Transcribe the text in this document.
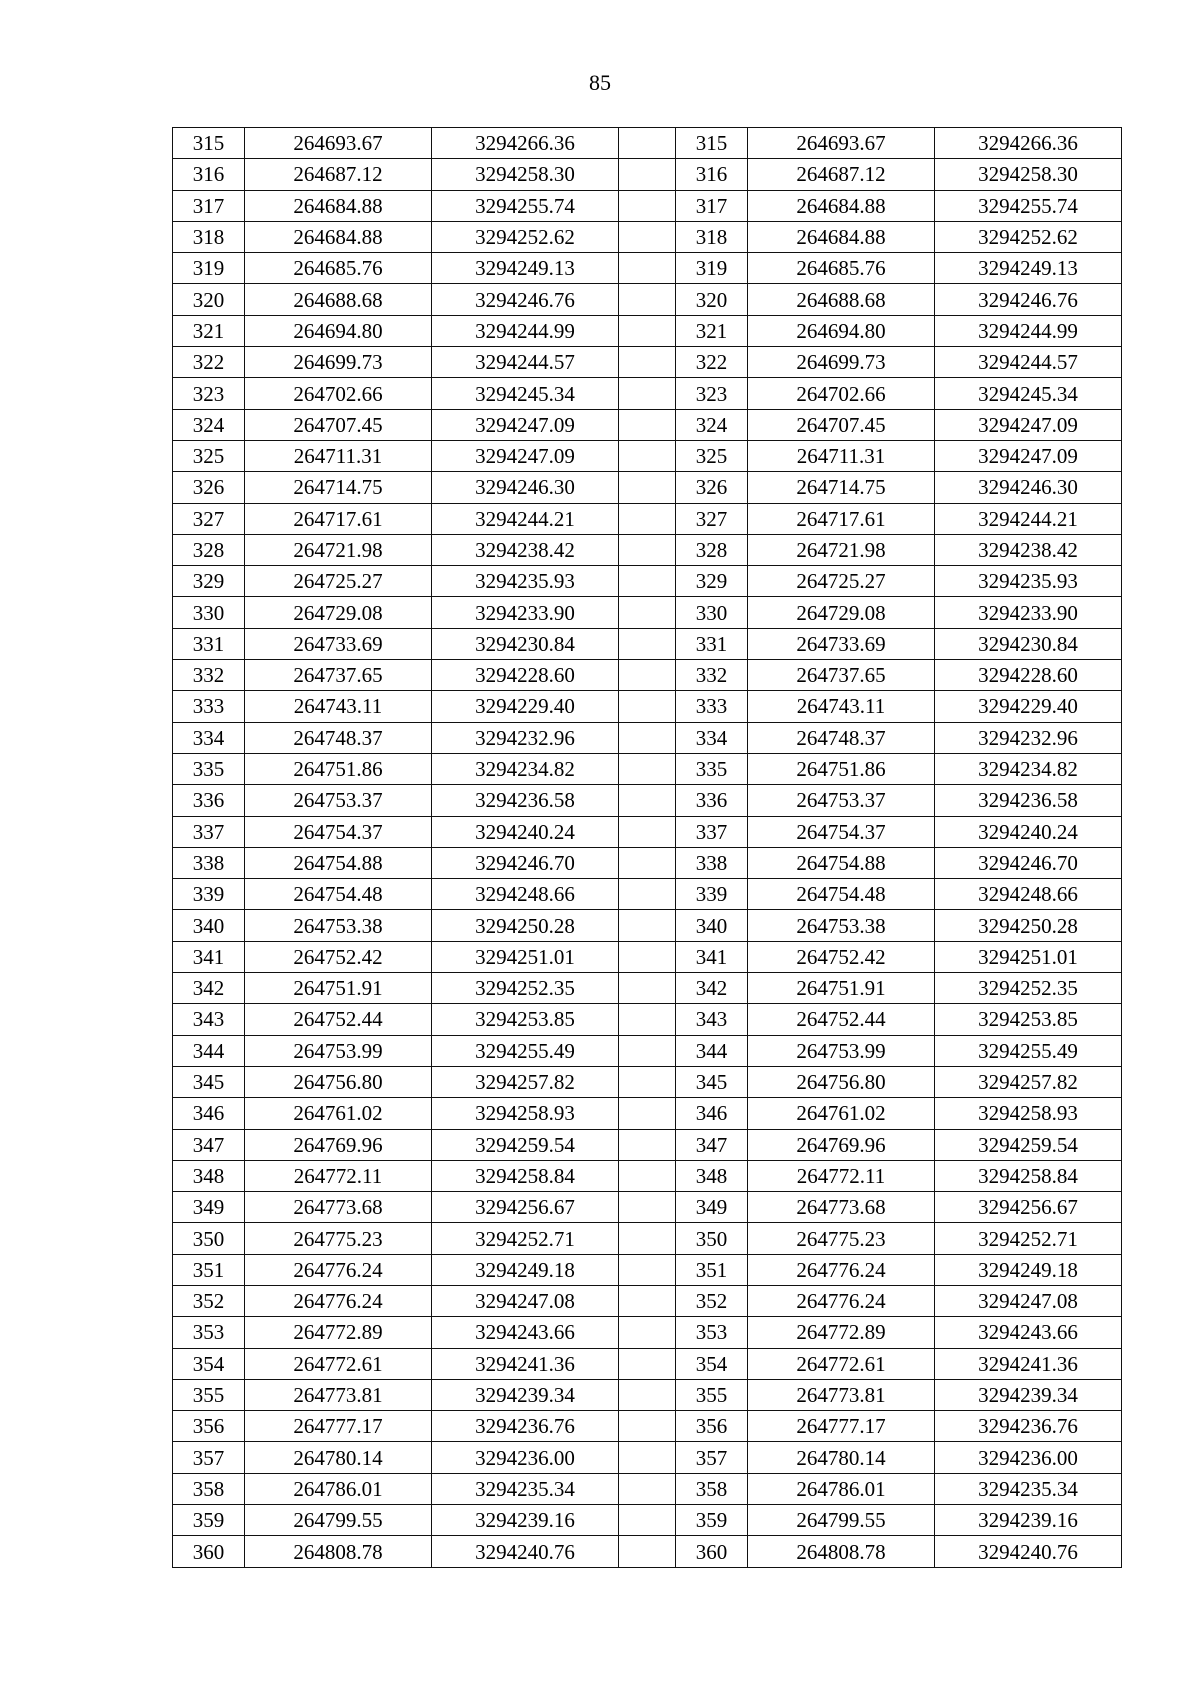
85
315	264693.67	3294266.36		315	264693.67	3294266.36
316	264687.12	3294258.30		316	264687.12	3294258.30
317	264684.88	3294255.74		317	264684.88	3294255.74
318	264684.88	3294252.62		318	264684.88	3294252.62
319	264685.76	3294249.13		319	264685.76	3294249.13
320	264688.68	3294246.76		320	264688.68	3294246.76
321	264694.80	3294244.99		321	264694.80	3294244.99
322	264699.73	3294244.57		322	264699.73	3294244.57
323	264702.66	3294245.34		323	264702.66	3294245.34
324	264707.45	3294247.09		324	264707.45	3294247.09
325	264711.31	3294247.09		325	264711.31	3294247.09
326	264714.75	3294246.30		326	264714.75	3294246.30
327	264717.61	3294244.21		327	264717.61	3294244.21
328	264721.98	3294238.42		328	264721.98	3294238.42
329	264725.27	3294235.93		329	264725.27	3294235.93
330	264729.08	3294233.90		330	264729.08	3294233.90
331	264733.69	3294230.84		331	264733.69	3294230.84
332	264737.65	3294228.60		332	264737.65	3294228.60
333	264743.11	3294229.40		333	264743.11	3294229.40
334	264748.37	3294232.96		334	264748.37	3294232.96
335	264751.86	3294234.82		335	264751.86	3294234.82
336	264753.37	3294236.58		336	264753.37	3294236.58
337	264754.37	3294240.24		337	264754.37	3294240.24
338	264754.88	3294246.70		338	264754.88	3294246.70
339	264754.48	3294248.66		339	264754.48	3294248.66
340	264753.38	3294250.28		340	264753.38	3294250.28
341	264752.42	3294251.01		341	264752.42	3294251.01
342	264751.91	3294252.35		342	264751.91	3294252.35
343	264752.44	3294253.85		343	264752.44	3294253.85
344	264753.99	3294255.49		344	264753.99	3294255.49
345	264756.80	3294257.82		345	264756.80	3294257.82
346	264761.02	3294258.93		346	264761.02	3294258.93
347	264769.96	3294259.54		347	264769.96	3294259.54
348	264772.11	3294258.84		348	264772.11	3294258.84
349	264773.68	3294256.67		349	264773.68	3294256.67
350	264775.23	3294252.71		350	264775.23	3294252.71
351	264776.24	3294249.18		351	264776.24	3294249.18
352	264776.24	3294247.08		352	264776.24	3294247.08
353	264772.89	3294243.66		353	264772.89	3294243.66
354	264772.61	3294241.36		354	264772.61	3294241.36
355	264773.81	3294239.34		355	264773.81	3294239.34
356	264777.17	3294236.76		356	264777.17	3294236.76
357	264780.14	3294236.00		357	264780.14	3294236.00
358	264786.01	3294235.34		358	264786.01	3294235.34
359	264799.55	3294239.16		359	264799.55	3294239.16
360	264808.78	3294240.76		360	264808.78	3294240.76
